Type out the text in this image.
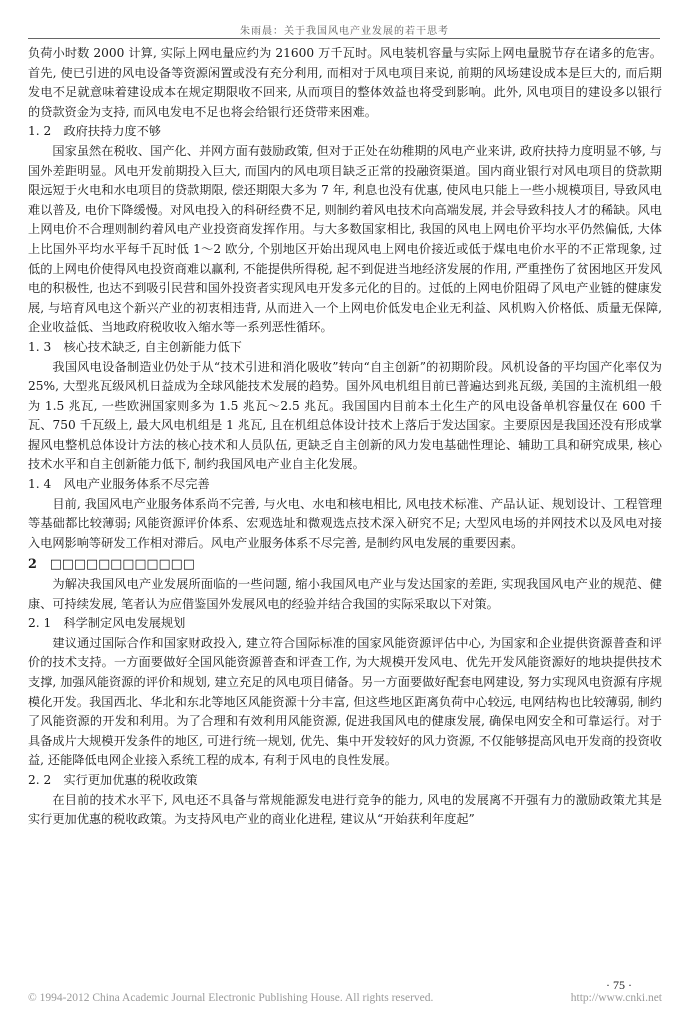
朱雨晨：关于我国风电产业发展的若干思考

负荷小时数 2000 计算, 实际上网电量应约为 21600 万千瓦时。风电装机容量与实际上网电量脱节存在诸多的危害。首先, 使已引进的风电设备等资源闲置或没有充分利用, 而相对于风电项目来说, 前期的风场建设成本是巨大的, 而后期发电不足就意味着建设成本在规定期限收不回来, 从而项目的整体效益也将受到影响。此外, 风电项目的建设多以银行的贷款资金为支持, 而风电发电不足也将会给银行还贷带来困难。

1. 2　政府扶持力度不够

国家虽然在税收、国产化、并网方面有鼓励政策, 但对于正处在幼稚期的风电产业来讲, 政府扶持力度明显不够, 与国外差距明显。风电开发前期投入巨大, 而国内的风电项目缺乏正常的投融资渠道。国内商业银行对风电项目的贷款期限远短于火电和水电项目的贷款期限, 偿还期限大多为 7 年, 利息也没有优惠, 使风电只能上一些小规模项目, 导致风电难以普及, 电价下降缓慢。对风电投入的科研经费不足, 则制约着风电技术向高端发展, 并会导致科技人才的稀缺。风电上网电价不合理则制约着风电产业投资商发挥作用。与大多数国家相比, 我国的风电上网电价平均水平仍然偏低, 大体上比国外平均水平每千瓦时低 1～2 欧分, 个别地区开始出现风电上网电价接近或低于煤电电价水平的不正常现象, 过低的上网电价使得风电投资商难以赢利, 不能提供所得税, 起不到促进当地经济发展的作用, 严重挫伤了贫困地区开发风电的积极性, 也达不到吸引民营和国外投资者实现风电开发多元化的目的。过低的上网电价阻碍了风电产业链的健康发展, 与培育风电这个新兴产业的初衷相违背, 从而进入一个上网电价低发电企业无利益、风机购入价格低、质量无保障, 企业收益低、当地政府税收收入缩水等一系列恶性循环。

1. 3　核心技术缺乏, 自主创新能力低下

我国风电设备制造业仍处于从“技术引进和消化吸收”转向“自主创新”的初期阶段。风机设备的平均国产化率仅为 25%, 大型兆瓦级风机日益成为全球风能技术发展的趋势。国外风电机组目前已普遍达到兆瓦级, 美国的主流机组一般为 1.5 兆瓦, 一些欧洲国家则多为 1.5 兆瓦～2.5 兆瓦。我国国内目前本土化生产的风电设备单机容量仅在 600 千瓦、750 千瓦级上, 最大风电机组是 1 兆瓦, 且在机组总体设计技术上落后于发达国家。主要原因是我国还没有形成掌握风电整机总体设计方法的核心技术和人员队伍, 更缺乏自主创新的风力发电基础性理论、辅助工具和研究成果, 核心技术水平和自主创新能力低下, 制约我国风电产业自主化发展。

1. 4　风电产业服务体系不尽完善

目前, 我国风电产业服务体系尚不完善, 与火电、水电和核电相比, 风电技术标准、产品认证、规划设计、工程管理等基础都比较薄弱; 风能资源评价体系、宏观选址和微观选点技术深入研究不足; 大型风电场的并网技术以及风电对接入电网影响等研发工作相对滞后。风电产业服务体系不尽完善, 是制约风电发展的重要因素。

2　□□□□□□□□□□□□

为解决我国风电产业发展所面临的一些问题, 缩小我国风电产业与发达国家的差距, 实现我国风电产业的规范、健康、可持续发展, 笔者认为应借鉴国外发展风电的经验并结合我国的实际采取以下对策。

2. 1　科学制定风电发展规划

建议通过国际合作和国家财政投入, 建立符合国际标准的国家风能资源评估中心, 为国家和企业提供资源普查和评价的技术支持。一方面要做好全国风能资源普查和评查工作, 为大规模开发风电、优先开发风能资源好的地块提供技术支撑, 加强风能资源的评价和规划, 建立充足的风电项目储备。另一方面要做好配套电网建设, 努力实现风电资源有序规模化开发。我国西北、华北和东北等地区风能资源十分丰富, 但这些地区距离负荷中心较远, 电网结构也比较薄弱, 制约了风能资源的开发和利用。为了合理和有效利用风能资源, 促进我国风电的健康发展, 确保电网安全和可靠运行。对于具备成片大规模开发条件的地区, 可进行统一规划, 优先、集中开发较好的风力资源, 不仅能够提高风电开发商的投资收益, 还能降低电网企业接入系统工程的成本, 有利于风电的良性发展。

2. 2　实行更加优惠的税收政策

在目前的技术水平下, 风电还不具备与常规能源发电进行竞争的能力, 风电的发展离不开强有力的激励政策尤其是实行更加优惠的税收政策。为支持风电产业的商业化进程, 建议从“开始获利年度起”

· 75 ·
© 1994-2012 China Academic Journal Electronic Publishing House. All rights reserved.	http://www.cnki.net
